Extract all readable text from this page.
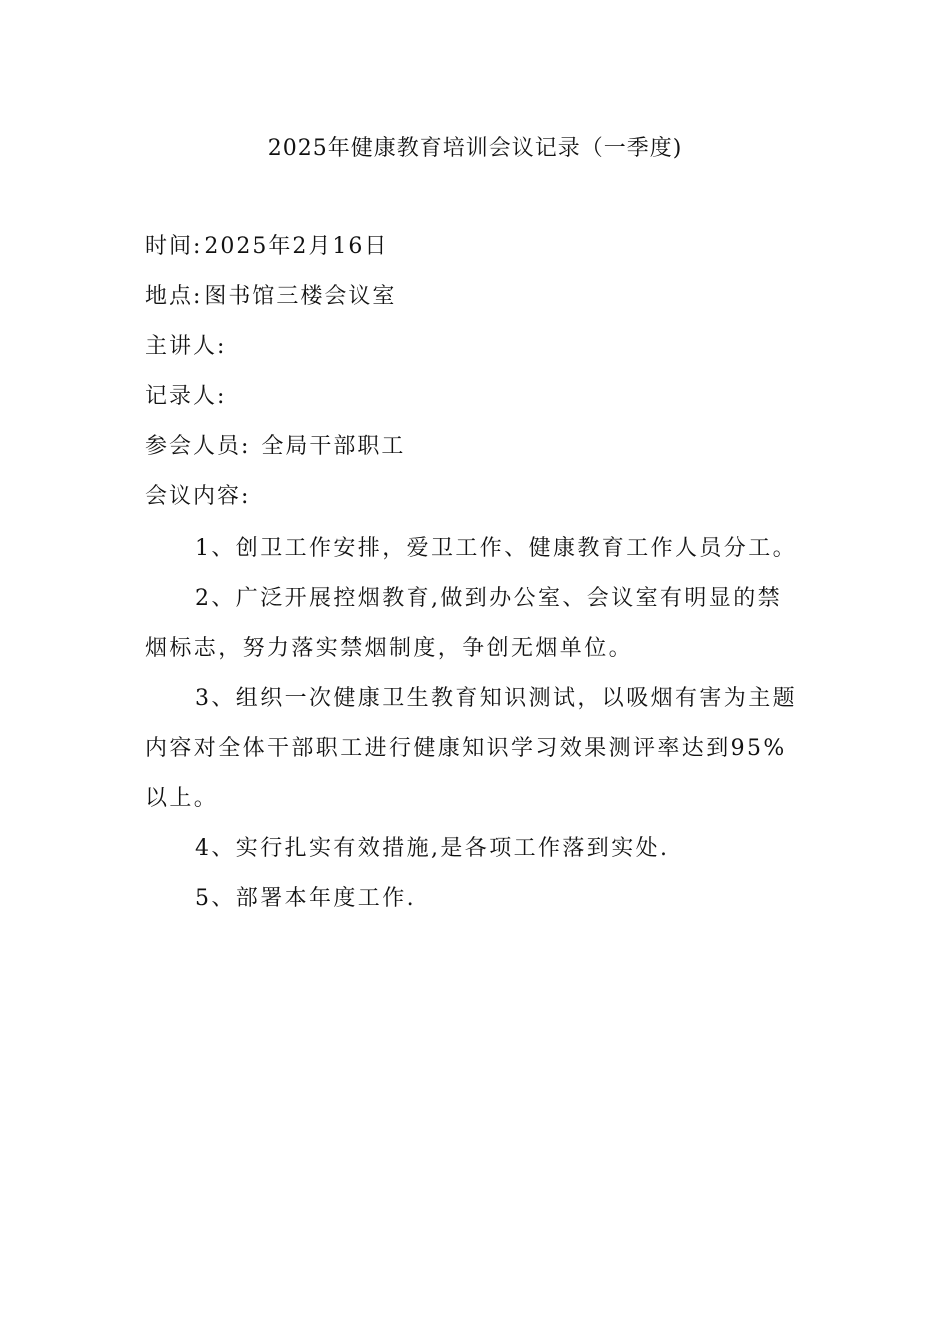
2025年健康教育培训会议记录（一季度)
时间:2025年2月16日
地点:图书馆三楼会议室
主讲人:
记录人:
参会人员: 全局干部职工
会议内容:
1、创卫工作安排，爱卫工作、健康教育工作人员分工。
2、广泛开展控烟教育,做到办公室、会议室有明显的禁烟标志，努力落实禁烟制度，争创无烟单位。
3、组织一次健康卫生教育知识测试，以吸烟有害为主题内容对全体干部职工进行健康知识学习效果测评率达到95%以上。
4、实行扎实有效措施,是各项工作落到实处.
5、部署本年度工作.
